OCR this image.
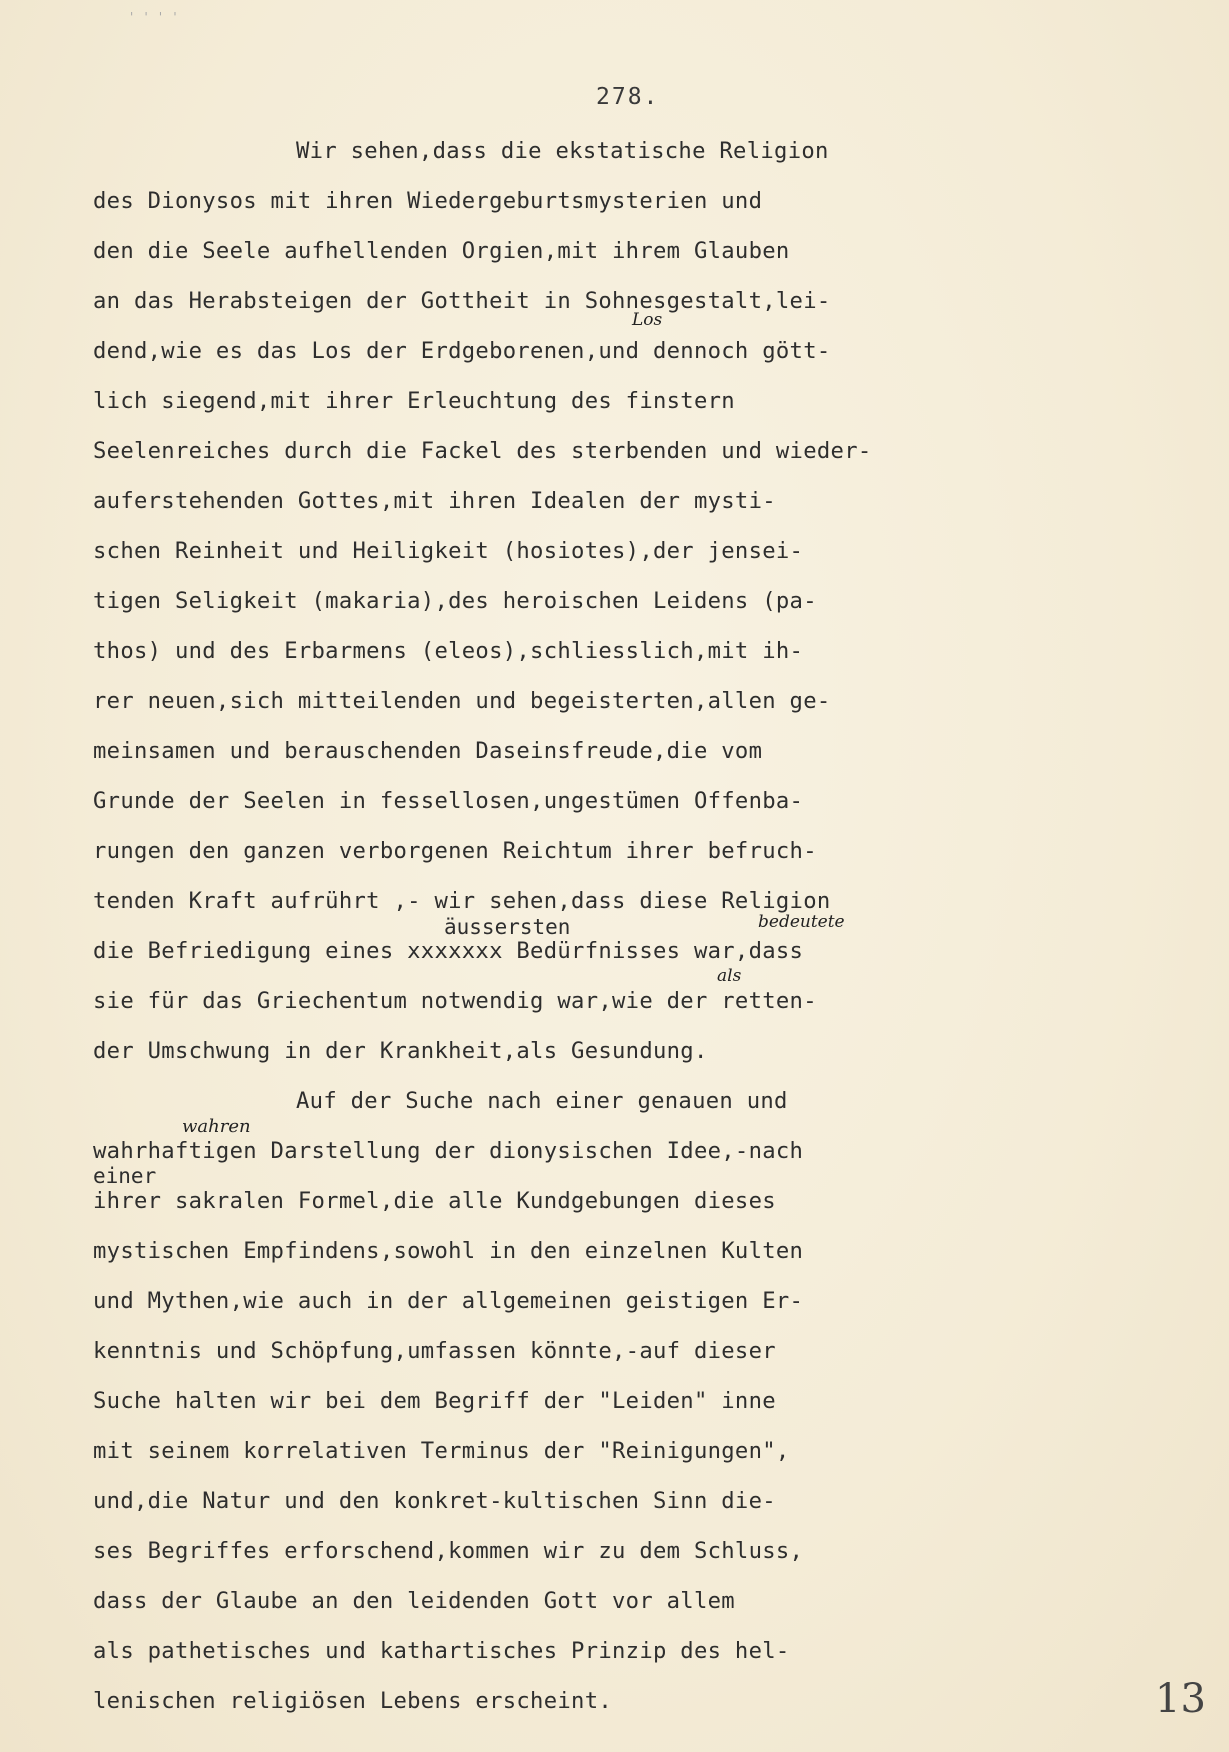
' ' ' '
278.
Wir sehen,dass die ekstatische Religion
des Dionysos mit ihren Wiedergeburtsmysterien und
den die Seele aufhellenden Orgien,mit ihrem Glauben
an das Herabsteigen der Gottheit in Sohnesgestalt,lei-
dend,wie es das Los der Erdgeborenen,und dennoch gött-
Los
lich siegend,mit ihrer Erleuchtung des finstern
Seelenreiches durch die Fackel des sterbenden und wieder-
auferstehenden Gottes,mit ihren Idealen der mysti-
schen Reinheit und Heiligkeit (hosiotes),der jensei-
tigen Seligkeit (makaria),des heroischen Leidens (pa-
thos) und des Erbarmens (eleos),schliesslich,mit ih-
rer neuen,sich mitteilenden und begeisterten,allen ge-
meinsamen und berauschenden Daseinsfreude,die vom
Grunde der Seelen in fessellosen,ungestümen Offenba-
rungen den ganzen verborgenen Reichtum ihrer befruch-
tenden Kraft aufrührt ,- wir sehen,dass diese Religion
äussersten	bedeutete
die Befriedigung eines xxxxxxx Bedürfnisses war,dass
als
sie für das Griechentum notwendig war,wie der retten-
der Umschwung in der Krankheit,als Gesundung.
Auf der Suche nach einer genauen und
wahren
wahrhaftigen Darstellung der dionysischen Idee,-nach
einer
ihrer sakralen Formel,die alle Kundgebungen dieses
mystischen Empfindens,sowohl in den einzelnen Kulten
und Mythen,wie auch in der allgemeinen geistigen Er-
kenntnis und Schöpfung,umfassen könnte,-auf dieser
Suche halten wir bei dem Begriff der "Leiden" inne
mit seinem korrelativen Terminus der "Reinigungen",
und,die Natur und den konkret-kultischen Sinn die-
ses Begriffes erforschend,kommen wir zu dem Schluss,
dass der Glaube an den leidenden Gott vor allem
als pathetisches und kathartisches Prinzip des hel-
lenischen religiösen Lebens erscheint.	13
